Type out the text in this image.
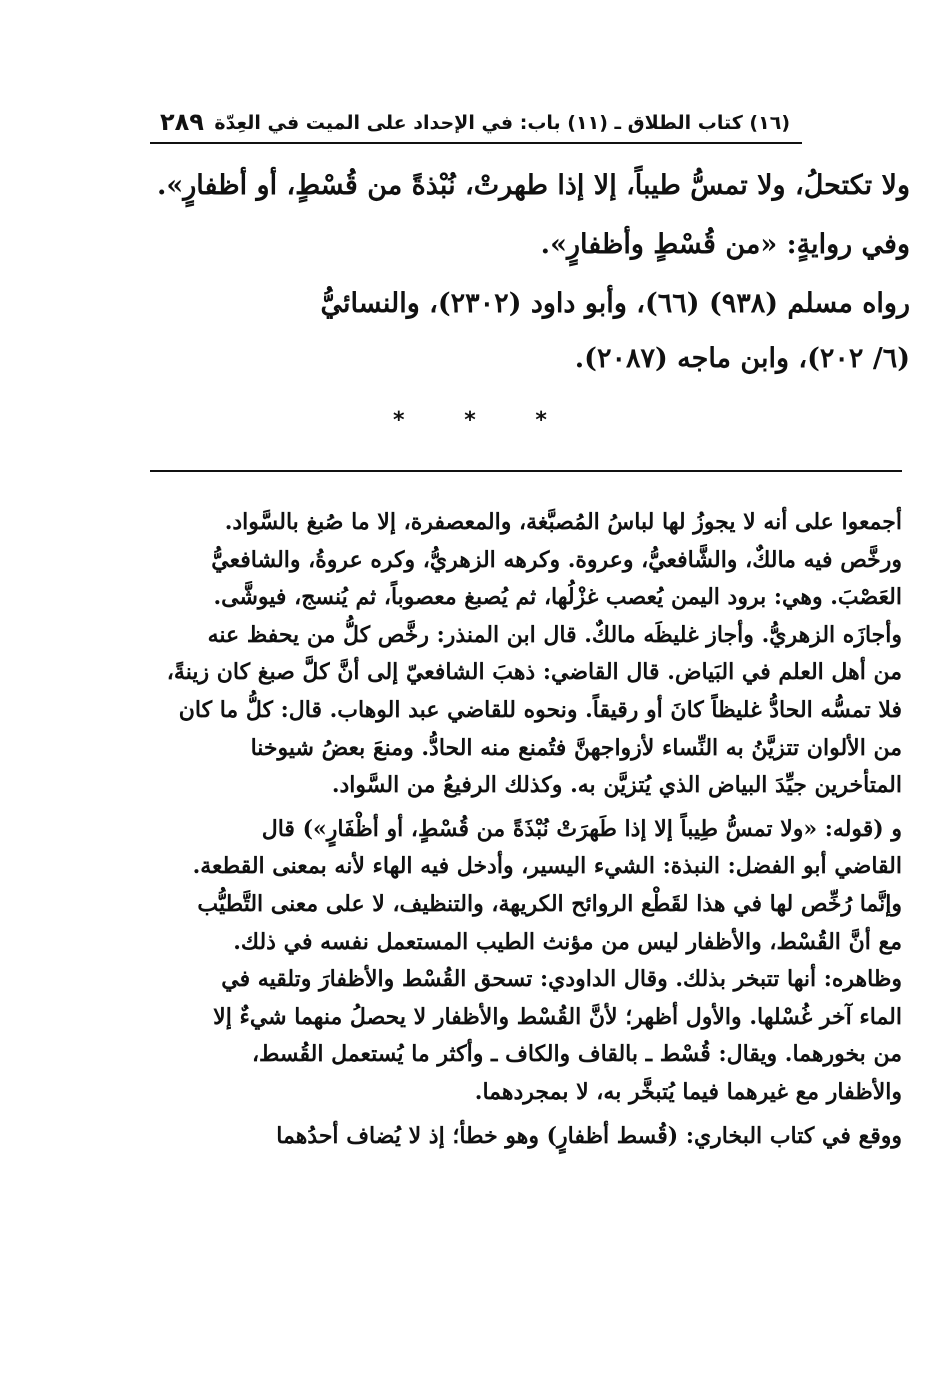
(١٦) كتاب الطلاق ـ (١١) باب: في الإحداد على الميت في العِدّة
٢٨٩
ولا تكتحلُ، ولا تمسُّ طيباً، إلا إذا طهرتْ، نُبْذةً من قُسْطٍ، أو أظفارٍ».
وفي روايةٍ: «من قُسْطٍ وأظفارٍ».
رواه مسلم (٩٣٨) (٦٦)، وأبو داود (٢٣٠٢)، والنسائيُّ
(٦/ ٢٠٢)، وابن ماجه (٢٠٨٧).
*	*	*
أجمعوا على أنه لا يجوزُ لها لباسُ المُصبَّغة، والمعصفرة، إلا ما صُبغ بالسَّواد.
ورخَّص فيه مالكٌ، والشَّافعيُّ، وعروة. وكرهه الزهريُّ، وكره عروةُ، والشافعيُّ
العَصْبَ. وهي: برود اليمن يُعصب غزْلُها، ثم يُصبغ معصوباً، ثم يُنسج، فيوشَّى.
وأجازَه الزهريُّ. وأجاز غليظَه مالكٌ. قال ابن المنذر: رخَّص كلُّ من يحفظ عنه
من أهل العلم في البَياض. قال القاضي: ذهبَ الشافعيّ إلى أنَّ كلَّ صبغ كان زينةً،
فلا تمسُّه الحادُّ غليظاً كانَ أو رقيقاً. ونحوه للقاضي عبد الوهاب. قال: كلُّ ما كان
من الألوان تتزيَّنُ به النِّساء لأزواجهنَّ فتُمنع منه الحادُّ. ومنعَ بعضُ شيوخنا
المتأخرين جيِّدَ البياض الذي يُتزيَّن به. وكذلك الرفيعُ من السَّواد.
و (قوله: «ولا تمسُّ طِيباً إلا إذا طَهرَتْ نُبْذَةً من قُسْطٍ، أو أظْفَارٍ») قال
القاضي أبو الفضل: النبذة: الشيء اليسير، وأدخل فيه الهاء لأنه بمعنى القطعة.
وإنَّما رُخِّص لها في هذا لقَطْع الروائح الكريهة، والتنظيف، لا على معنى التَّطيُّب
مع أنَّ القُسْط، والأظفار ليس من مؤنث الطيب المستعمل نفسه في ذلك.
وظاهره: أنها تتبخر بذلك. وقال الداودي: تسحق القُسْط والأظفارَ وتلقيه في
الماء آخر غُسْلها. والأول أظهر؛ لأنَّ القُسْط والأظفار لا يحصلُ منهما شيءٌ إلا
من بخورهما. ويقال: قُسْط ـ بالقاف والكاف ـ وأكثر ما يُستعمل القُسط،
والأظفار مع غيرهما فيما يُتبخَّر به، لا بمجردهما.
ووقع في كتاب البخاري: (قُسط أظفارٍ) وهو خطأ؛ إذ لا يُضاف أحدُهما
